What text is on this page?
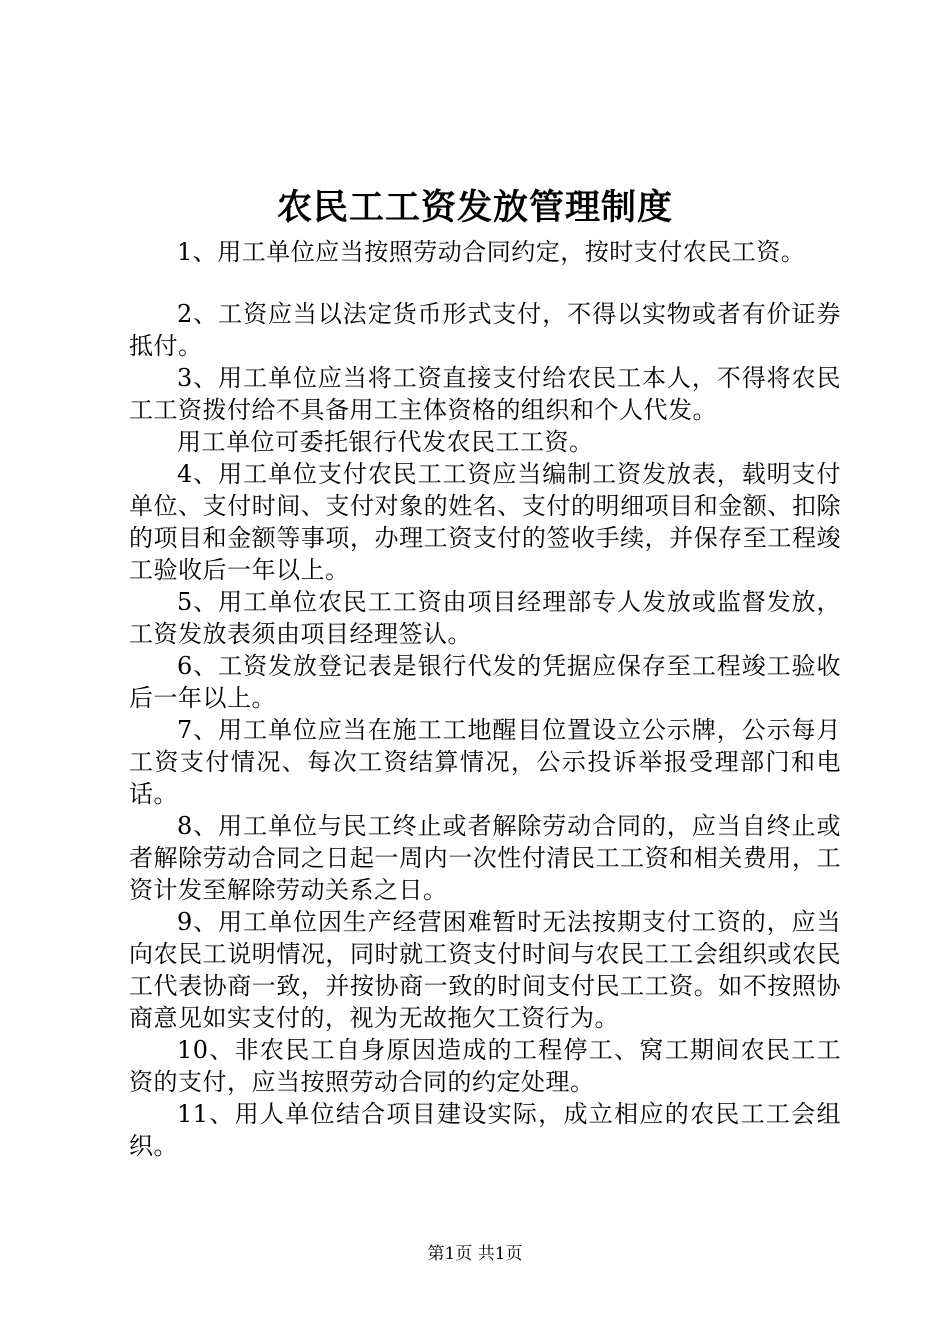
农民工工资发放管理制度

1、用工单位应当按照劳动合同约定，按时支付农民工资。

2、工资应当以法定货币形式支付，不得以实物或者有价证券抵付。

3、用工单位应当将工资直接支付给农民工本人，不得将农民工工资拨付给不具备用工主体资格的组织和个人代发。

用工单位可委托银行代发农民工工资。

4、用工单位支付农民工工资应当编制工资发放表，载明支付单位、支付时间、支付对象的姓名、支付的明细项目和金额、扣除的项目和金额等事项，办理工资支付的签收手续，并保存至工程竣工验收后一年以上。

5、用工单位农民工工资由项目经理部专人发放或监督发放，工资发放表须由项目经理签认。

6、工资发放登记表是银行代发的凭据应保存至工程竣工验收后一年以上。

7、用工单位应当在施工工地醒目位置设立公示牌，公示每月工资支付情况、每次工资结算情况，公示投诉举报受理部门和电话。

8、用工单位与民工终止或者解除劳动合同的，应当自终止或者解除劳动合同之日起一周内一次性付清民工工资和相关费用，工资计发至解除劳动关系之日。

9、用工单位因生产经营困难暂时无法按期支付工资的，应当向农民工说明情况，同时就工资支付时间与农民工工会组织或农民工代表协商一致，并按协商一致的时间支付民工工资。如不按照协商意见如实支付的，视为无故拖欠工资行为。

10、非农民工自身原因造成的工程停工、窝工期间农民工工资的支付，应当按照劳动合同的约定处理。

11、用人单位结合项目建设实际，成立相应的农民工工会组织。

第1页 共1页
